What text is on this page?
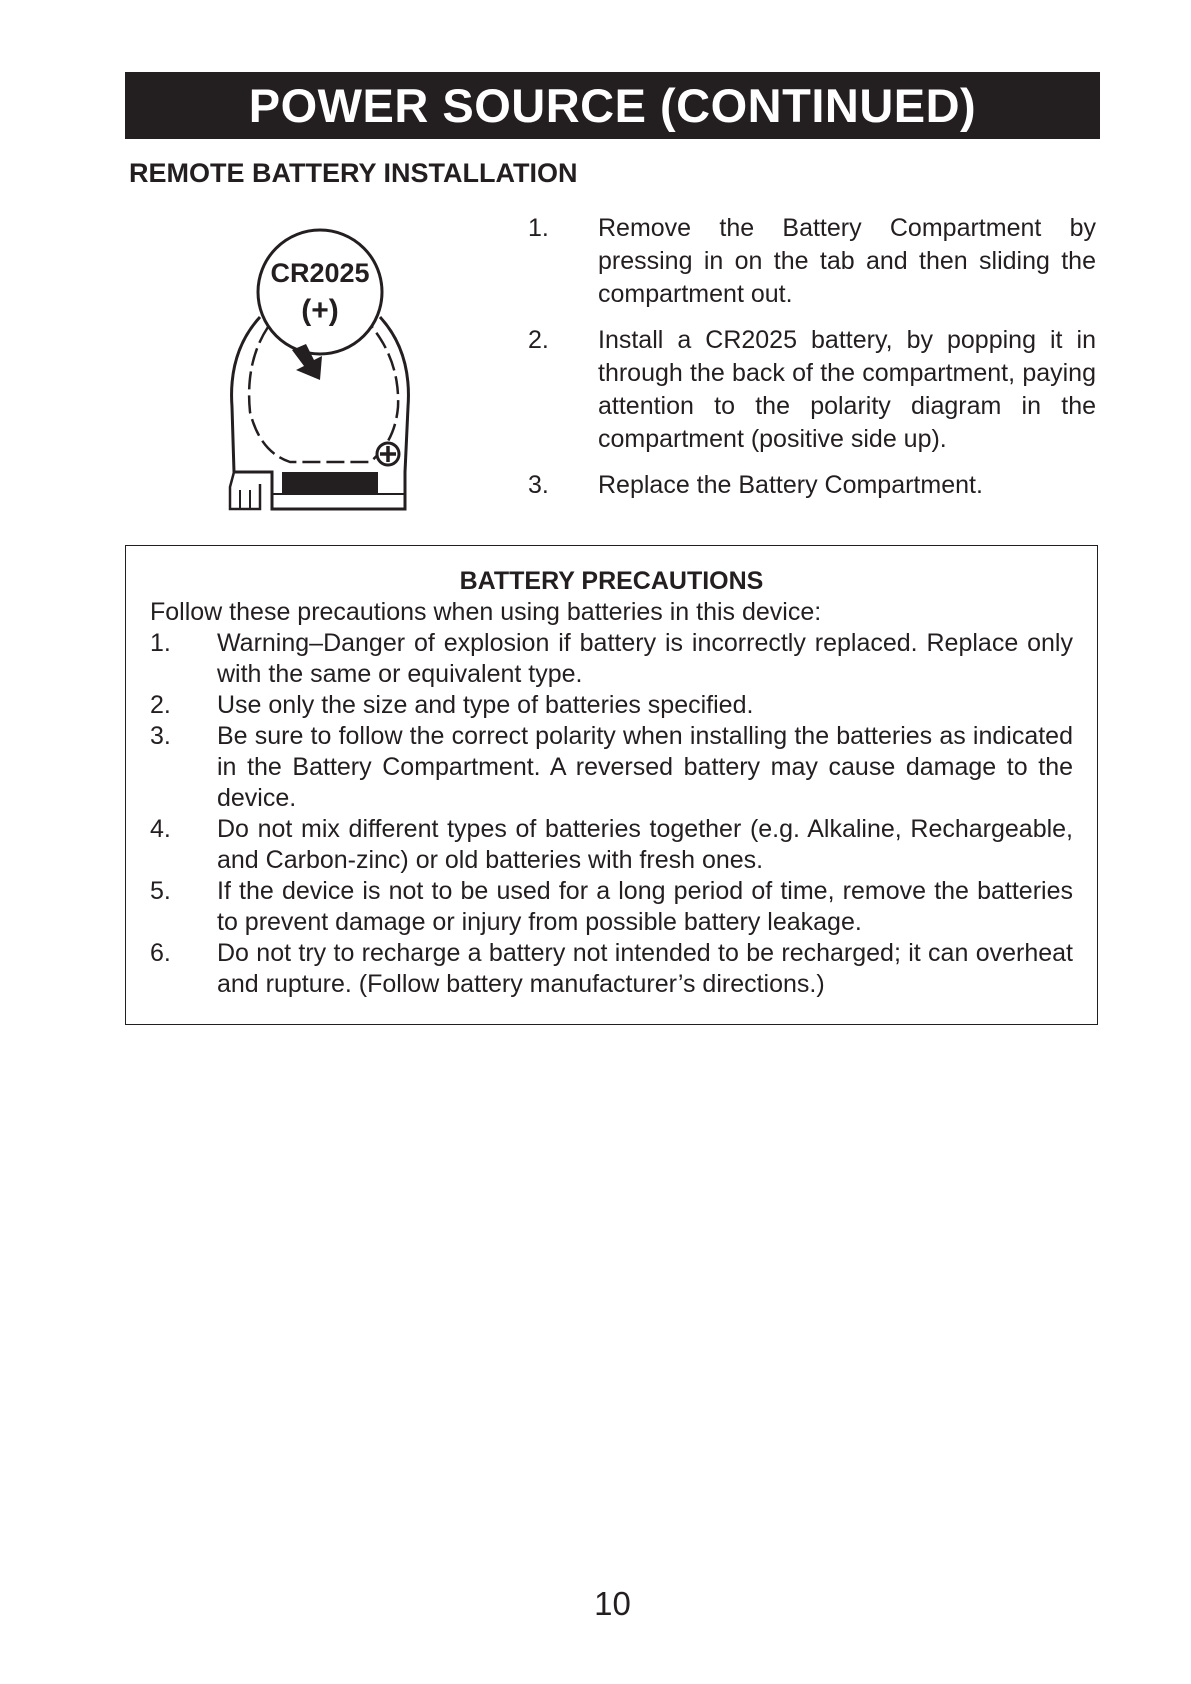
POWER SOURCE (CONTINUED)
REMOTE BATTERY INSTALLATION
CR2025
(+)
1.	Remove the Battery Compartment by pressing in on the tab and then sliding the compartment out.
2.	Install a CR2025 battery, by popping it in through the back of the compartment, paying attention to the polarity diagram in the compartment (positive side up).
3.	Replace the Battery Compartment.
BATTERY PRECAUTIONS
Follow these precautions when using batteries in this device:
1.	Warning–Danger of explosion if battery is incorrectly replaced. Replace only with the same or equivalent type.
2.	Use only the size and type of batteries specified.
3.	Be sure to follow the correct polarity when installing the batteries as indicated in the Battery Compartment. A reversed battery may cause damage to the device.
4.	Do not mix different types of batteries together (e.g. Alkaline, Rechargeable, and Carbon-zinc) or old batteries with fresh ones.
5.	If the device is not to be used for a long period of time, remove the batteries to prevent damage or injury from possible battery leakage.
6.	Do not try to recharge a battery not intended to be recharged; it can overheat and rupture. (Follow battery manufacturer’s directions.)
10
